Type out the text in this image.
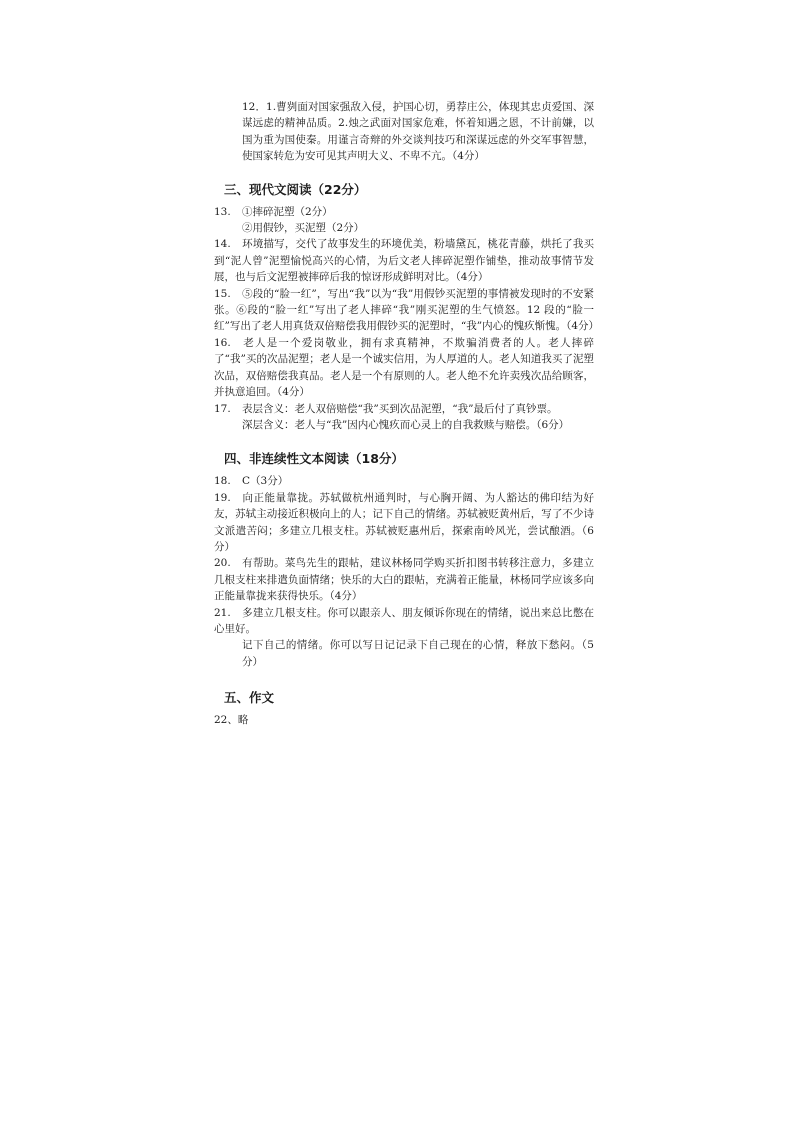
12．1.曹刿面对国家强敌入侵，护国心切，勇荐庄公，体现其忠贞爱国、深谋远虑的精神品质。2.烛之武面对国家危难，怀着知遇之恩，不计前嫌，以国为重为国使秦。用谨言奇辩的外交谈判技巧和深谋远虑的外交军事智慧，使国家转危为安可见其声明大义、不卑不亢。（4分）

三、现代文阅读（22分）

13. ①摔碎泥塑（2分）
②用假钞，买泥塑（2分）

14. 环境描写，交代了故事发生的环境优美，粉墙黛瓦，桃花青藤，烘托了我买到“泥人曾”泥塑愉悦高兴的心情，为后文老人摔碎泥塑作铺垫，推动故事情节发展，也与后文泥塑被摔碎后我的惊讶形成鲜明对比。（4分）

15. ⑤段的“脸一红”，写出“我”以为“我”用假钞买泥塑的事情被发现时的不安紧张。⑥段的“脸一红”写出了老人摔碎“我”刚买泥塑的生气愤怒。12 段的“脸一红”写出了老人用真货双倍赔偿我用假钞买的泥塑时，“我”内心的愧疚惭愧。（4分）

16. 老人是一个爱岗敬业，拥有求真精神，不欺骗消费者的人。老人摔碎了“我”买的次品泥塑；老人是一个诚实信用，为人厚道的人。老人知道我买了泥塑次品，双倍赔偿我真品。老人是一个有原则的人。老人绝不允许卖残次品给顾客，并执意追回。（4分）

17. 表层含义：老人双倍赔偿“我”买到次品泥塑，“我”最后付了真钞票。
深层含义：老人与“我”因内心愧疚而心灵上的自我救赎与赔偿。（6分）

四、非连续性文本阅读（18分）

18. C（3分）

19. 向正能量靠拢。苏轼做杭州通判时，与心胸开阔、为人豁达的佛印结为好友，苏轼主动接近积极向上的人；记下自己的情绪。苏轼被贬黄州后，写了不少诗文派遣苦闷；多建立几根支柱。苏轼被贬惠州后，探索南岭风光，尝试酿酒。（6分）

20. 有帮助。菜鸟先生的跟帖，建议林杨同学购买折扣图书转移注意力，多建立几根支柱来排遣负面情绪；快乐的大白的跟帖，充满着正能量，林杨同学应该多向正能量靠拢来获得快乐。（4分）

21. 多建立几根支柱。你可以跟亲人、朋友倾诉你现在的情绪，说出来总比憋在心里好。

记下自己的情绪。你可以写日记记录下自己现在的心情，释放下愁闷。（5分）

五、作文

22、略
